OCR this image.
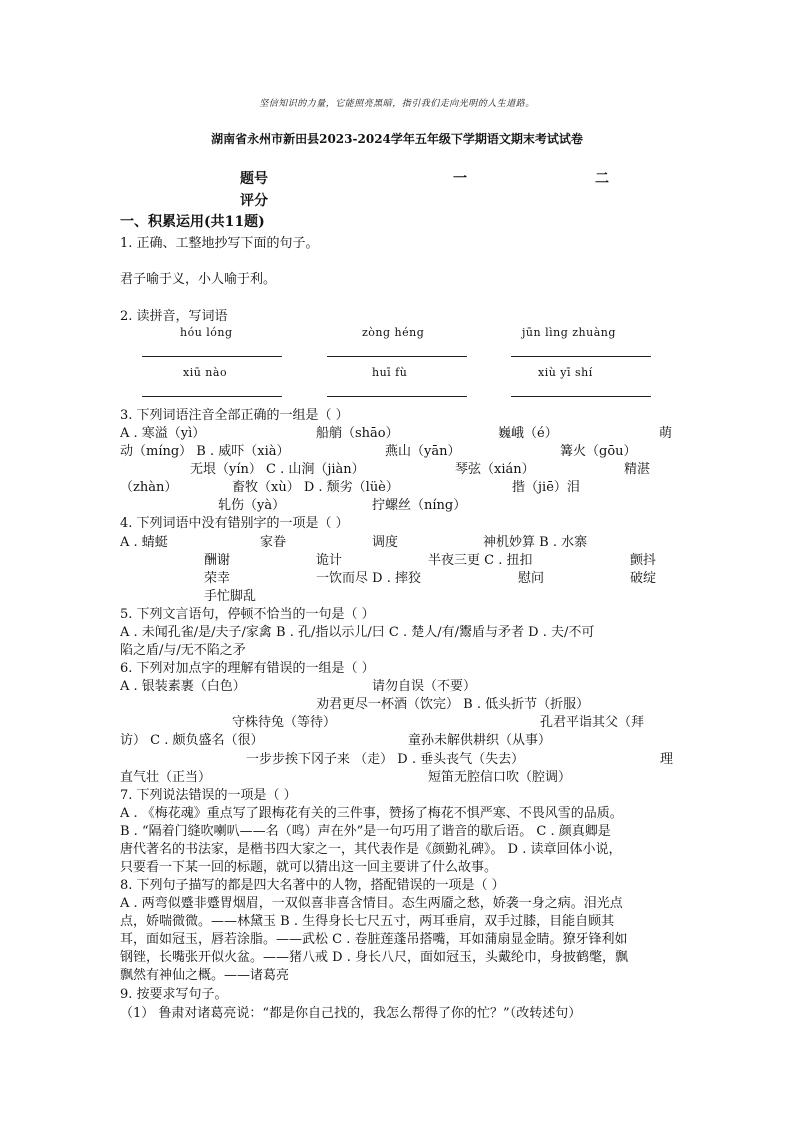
坚信知识的力量，它能照亮黑暗，指引我们走向光明的人生道路。
湖南省永州市新田县2023-2024学年五年级下学期语文期末考试试卷
题号	一	二
评分
一、积累运用(共11题)
1. 正确、工整地抄写下面的句子。
君子喻于义，小人喻于利。
2. 读拼音，写词语
hóu lóng	zòng héng	jūn lìng zhuàng
xiū nào	huī fù	xiù yī shí
3. 下列词语注音全部正确的一组是（ ）
A . 寒溢（yì）	船艄（shāo）	巍峨（é）	萌
动（míng） B . 威吓（xià）	燕山（yān）	篝火（gōu）
无垠（yín） C . 山涧（jiàn）	琴弦（xián）	精湛
（zhàn）	畜牧（xù） D . 颓劣（lüè）	揩（jiē）泪
轧伤（yà）	拧螺丝（níng）
4. 下列词语中没有错别字的一项是（ ）
A . 蜻蜓	家眷	调度	神机妙算 B . 水寨
酬谢	诡计	半夜三更 C . 扭扣	颤抖
荣幸	一饮而尽 D . 摔狡	慰问	破绽
手忙脚乱
5. 下列文言语句，停顿不恰当的一句是（ ）
A . 未闻孔雀/是/夫子/家禽 B . 孔/指以示儿/曰 C . 楚人/有/鬻盾与矛者 D . 夫/不可
陷之盾/与/无不陷之矛
6. 下列对加点字的理解有错误的一组是（ ）
A . 银装素裹（白色）	请勿自误（不要）
劝君更尽一杯酒（饮完） B . 低头折节（折服）
守株待兔（等待）	孔君平诣其父（拜
访） C . 颇负盛名（很）	童孙未解供耕织（从事）
一步步挨下冈子来 （走） D . 垂头丧气（失去）	理
直气壮（正当）	短笛无腔信口吹（腔调）
7. 下列说法错误的一项是（ ）
A . 《梅花魂》重点写了跟梅花有关的三件事，赞扬了梅花不惧严寒、不畏风雪的品质。
B . “隔着门缝吹喇叭——名（鸣）声在外”是一句巧用了谐音的歇后语。 C . 颜真卿是
唐代著名的书法家，是楷书四大家之一，其代表作是《颜勤礼碑》。 D . 读章回体小说，
只要看一下某一回的标题，就可以猜出这一回主要讲了什么故事。
8. 下列句子描写的都是四大名著中的人物，搭配错误的一项是（ ）
A . 两弯似蹙非蹙胃烟眉，一双似喜非喜含情目。态生两靥之愁，娇袭一身之病。泪光点
点，娇喘微微。——林黛玉 B . 生得身长七尺五寸，两耳垂肩，双手过膝，目能自顾其
耳，面如冠玉，唇若涂脂。——武松 C . 卷脏莲蓬吊搭嘴，耳如蒲扇显金睛。獠牙锋利如
钢锉，长嘴张开似火盆。——猪八戒 D . 身长八尺，面如冠玉，头戴纶巾，身披鹤氅，飘
飘然有神仙之概。——诸葛亮
9. 按要求写句子。
（1） 鲁肃对诸葛亮说：“都是你自己找的，我怎么帮得了你的忙？”（改转述句）
